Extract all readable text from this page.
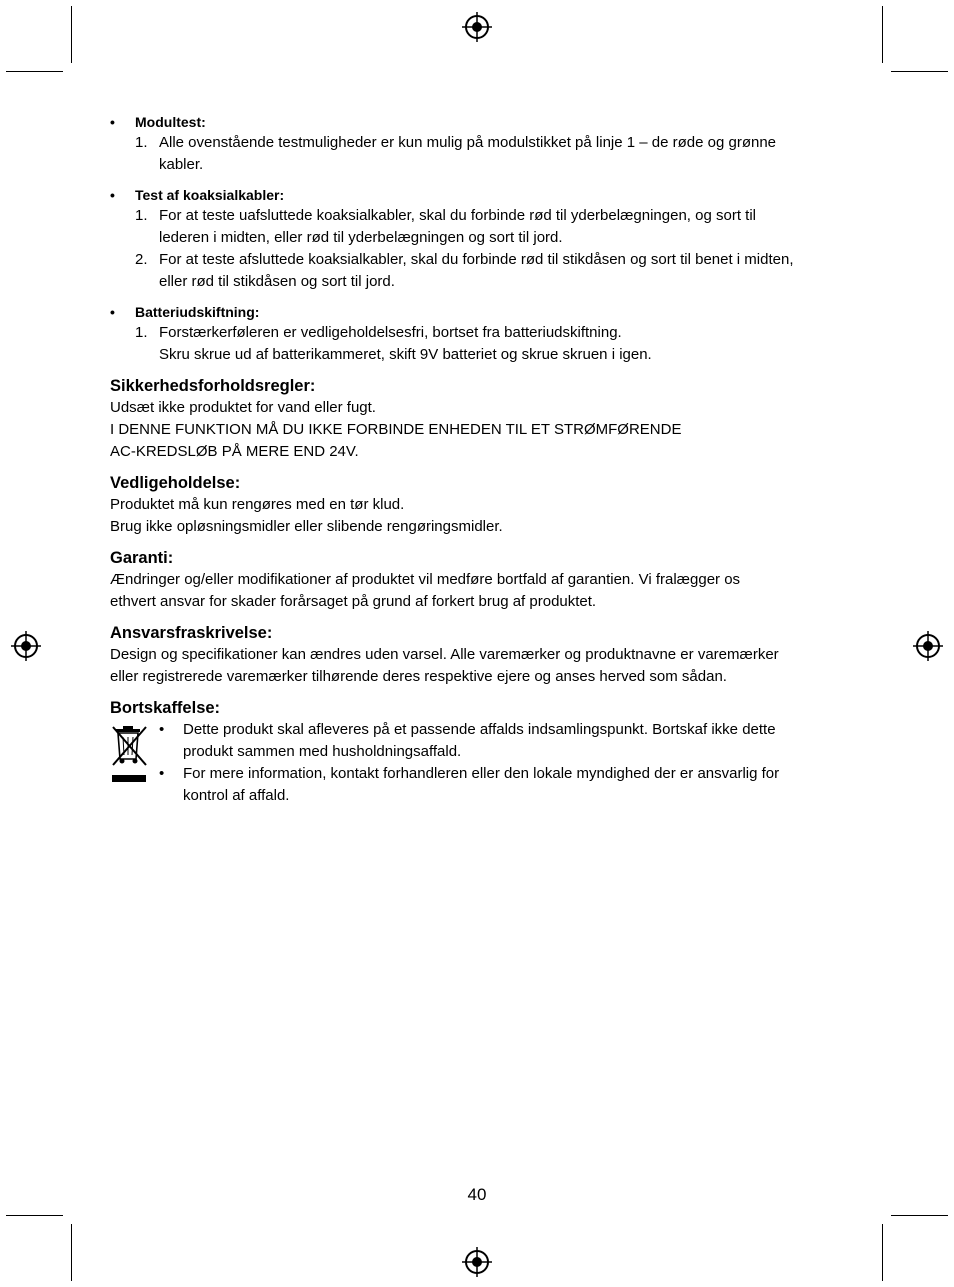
• Modultest:
1. Alle ovenstående testmuligheder er kun mulig på modulstikket på linje 1 – de røde og grønne
kabler.
• Test af koaksialkabler:
1. For at teste uafsluttede koaksialkabler, skal du forbinde rød til yderbelægningen, og sort til
lederen i midten, eller rød til yderbelægningen og sort til jord.
2. For at teste afsluttede koaksialkabler, skal du forbinde rød til stikdåsen og sort til benet i midten,
eller rød til stikdåsen og sort til jord.
• Batteriudskiftning:
1. Forstærkerføleren er vedligeholdelsesfri, bortset fra batteriudskiftning.
Skru skrue ud af batterikammeret, skift 9V batteriet og skrue skruen i igen.
Sikkerhedsforholdsregler:
Udsæt ikke produktet for vand eller fugt.
I DENNE FUNKTION MÅ DU IKKE FORBINDE ENHEDEN TIL ET STRØMFØRENDE
AC-KREDSLØB PÅ MERE END 24V.
Vedligeholdelse:
Produktet må kun rengøres med en tør klud.
Brug ikke opløsningsmidler eller slibende rengøringsmidler.
Garanti:
Ændringer og/eller modifikationer af produktet vil medføre bortfald af garantien. Vi fralægger os
ethvert ansvar for skader forårsaget på grund af forkert brug af produktet.
Ansvarsfraskrivelse:
Design og specifikationer kan ændres uden varsel. Alle varemærker og produktnavne er varemærker
eller registrerede varemærker tilhørende deres respektive ejere og anses herved som sådan.
Bortskaffelse:
• Dette produkt skal afleveres på et passende affalds indsamlingspunkt. Bortskaf ikke dette
produkt sammen med husholdningsaffald.
• For mere information, kontakt forhandleren eller den lokale myndighed der er ansvarlig for
kontrol af affald.
40
